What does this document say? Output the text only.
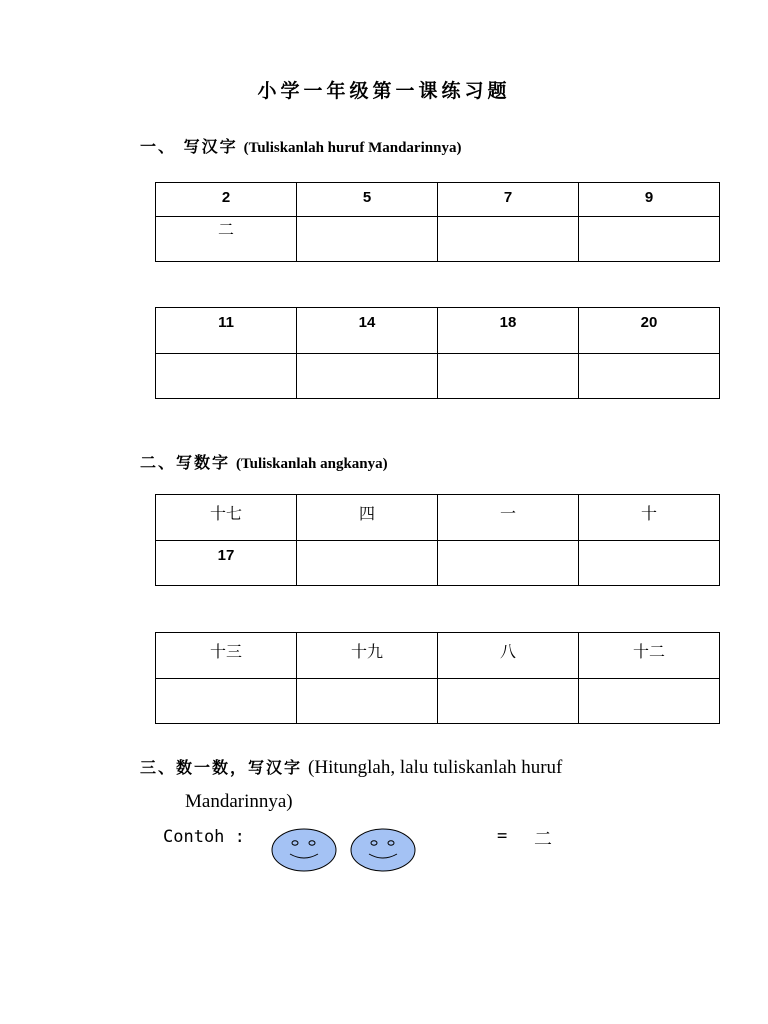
小学一年级第一课练习题
一、 写汉字 (Tuliskanlah huruf Mandarinnya)
2	5	7	9
二			
11	14	18	20

二、写数字 (Tuliskanlah angkanya)
十七	四	一	十
17			
十三	十九	八	十二

三、数一数，写汉字 (Hitunglah, lalu tuliskanlah huruf
Mandarinnya)
Contoh :	= 二
